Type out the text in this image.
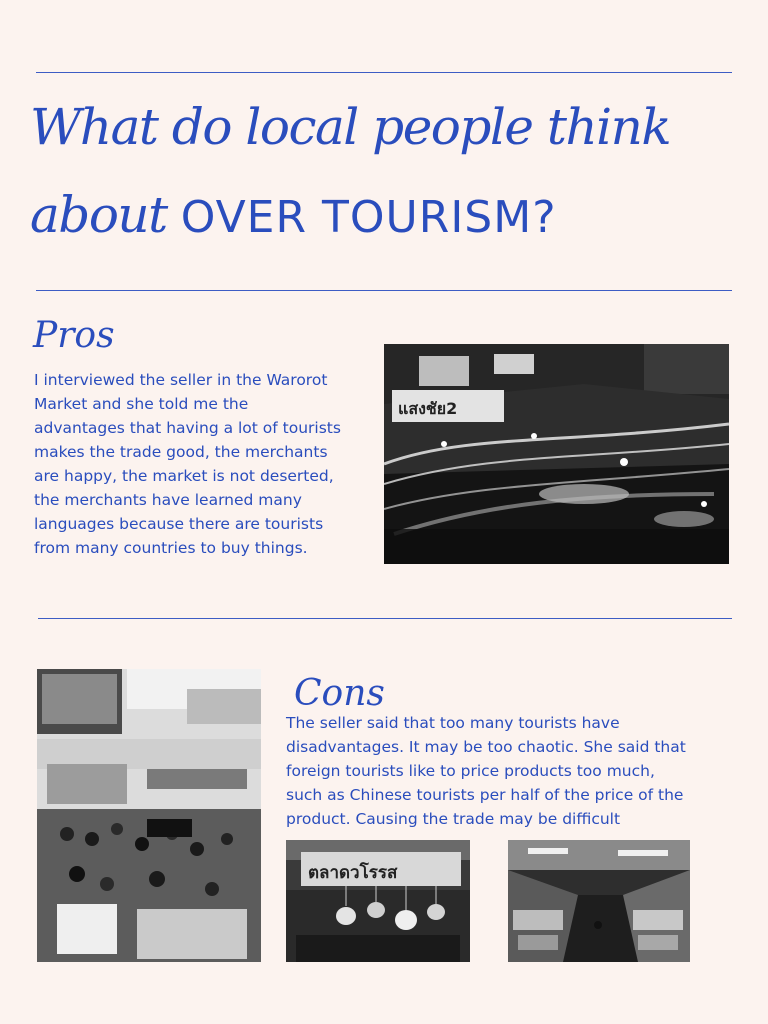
What do local people think
about OVER TOURISM?
Pros
I interviewed the seller in the Warorot
Market and she told me the
advantages that having a lot of tourists
makes the trade good, the merchants
are happy, the market is not deserted,
the merchants have learned many
languages because there are tourists
from many countries to buy things.
แสงชัย2
Cons
The seller said that too many tourists have
disadvantages. It may be too chaotic. She said that
foreign tourists like to price products too much,
such as Chinese tourists per half of the price of the
product. Causing the trade may be difficult
ตลาดวโรรส
